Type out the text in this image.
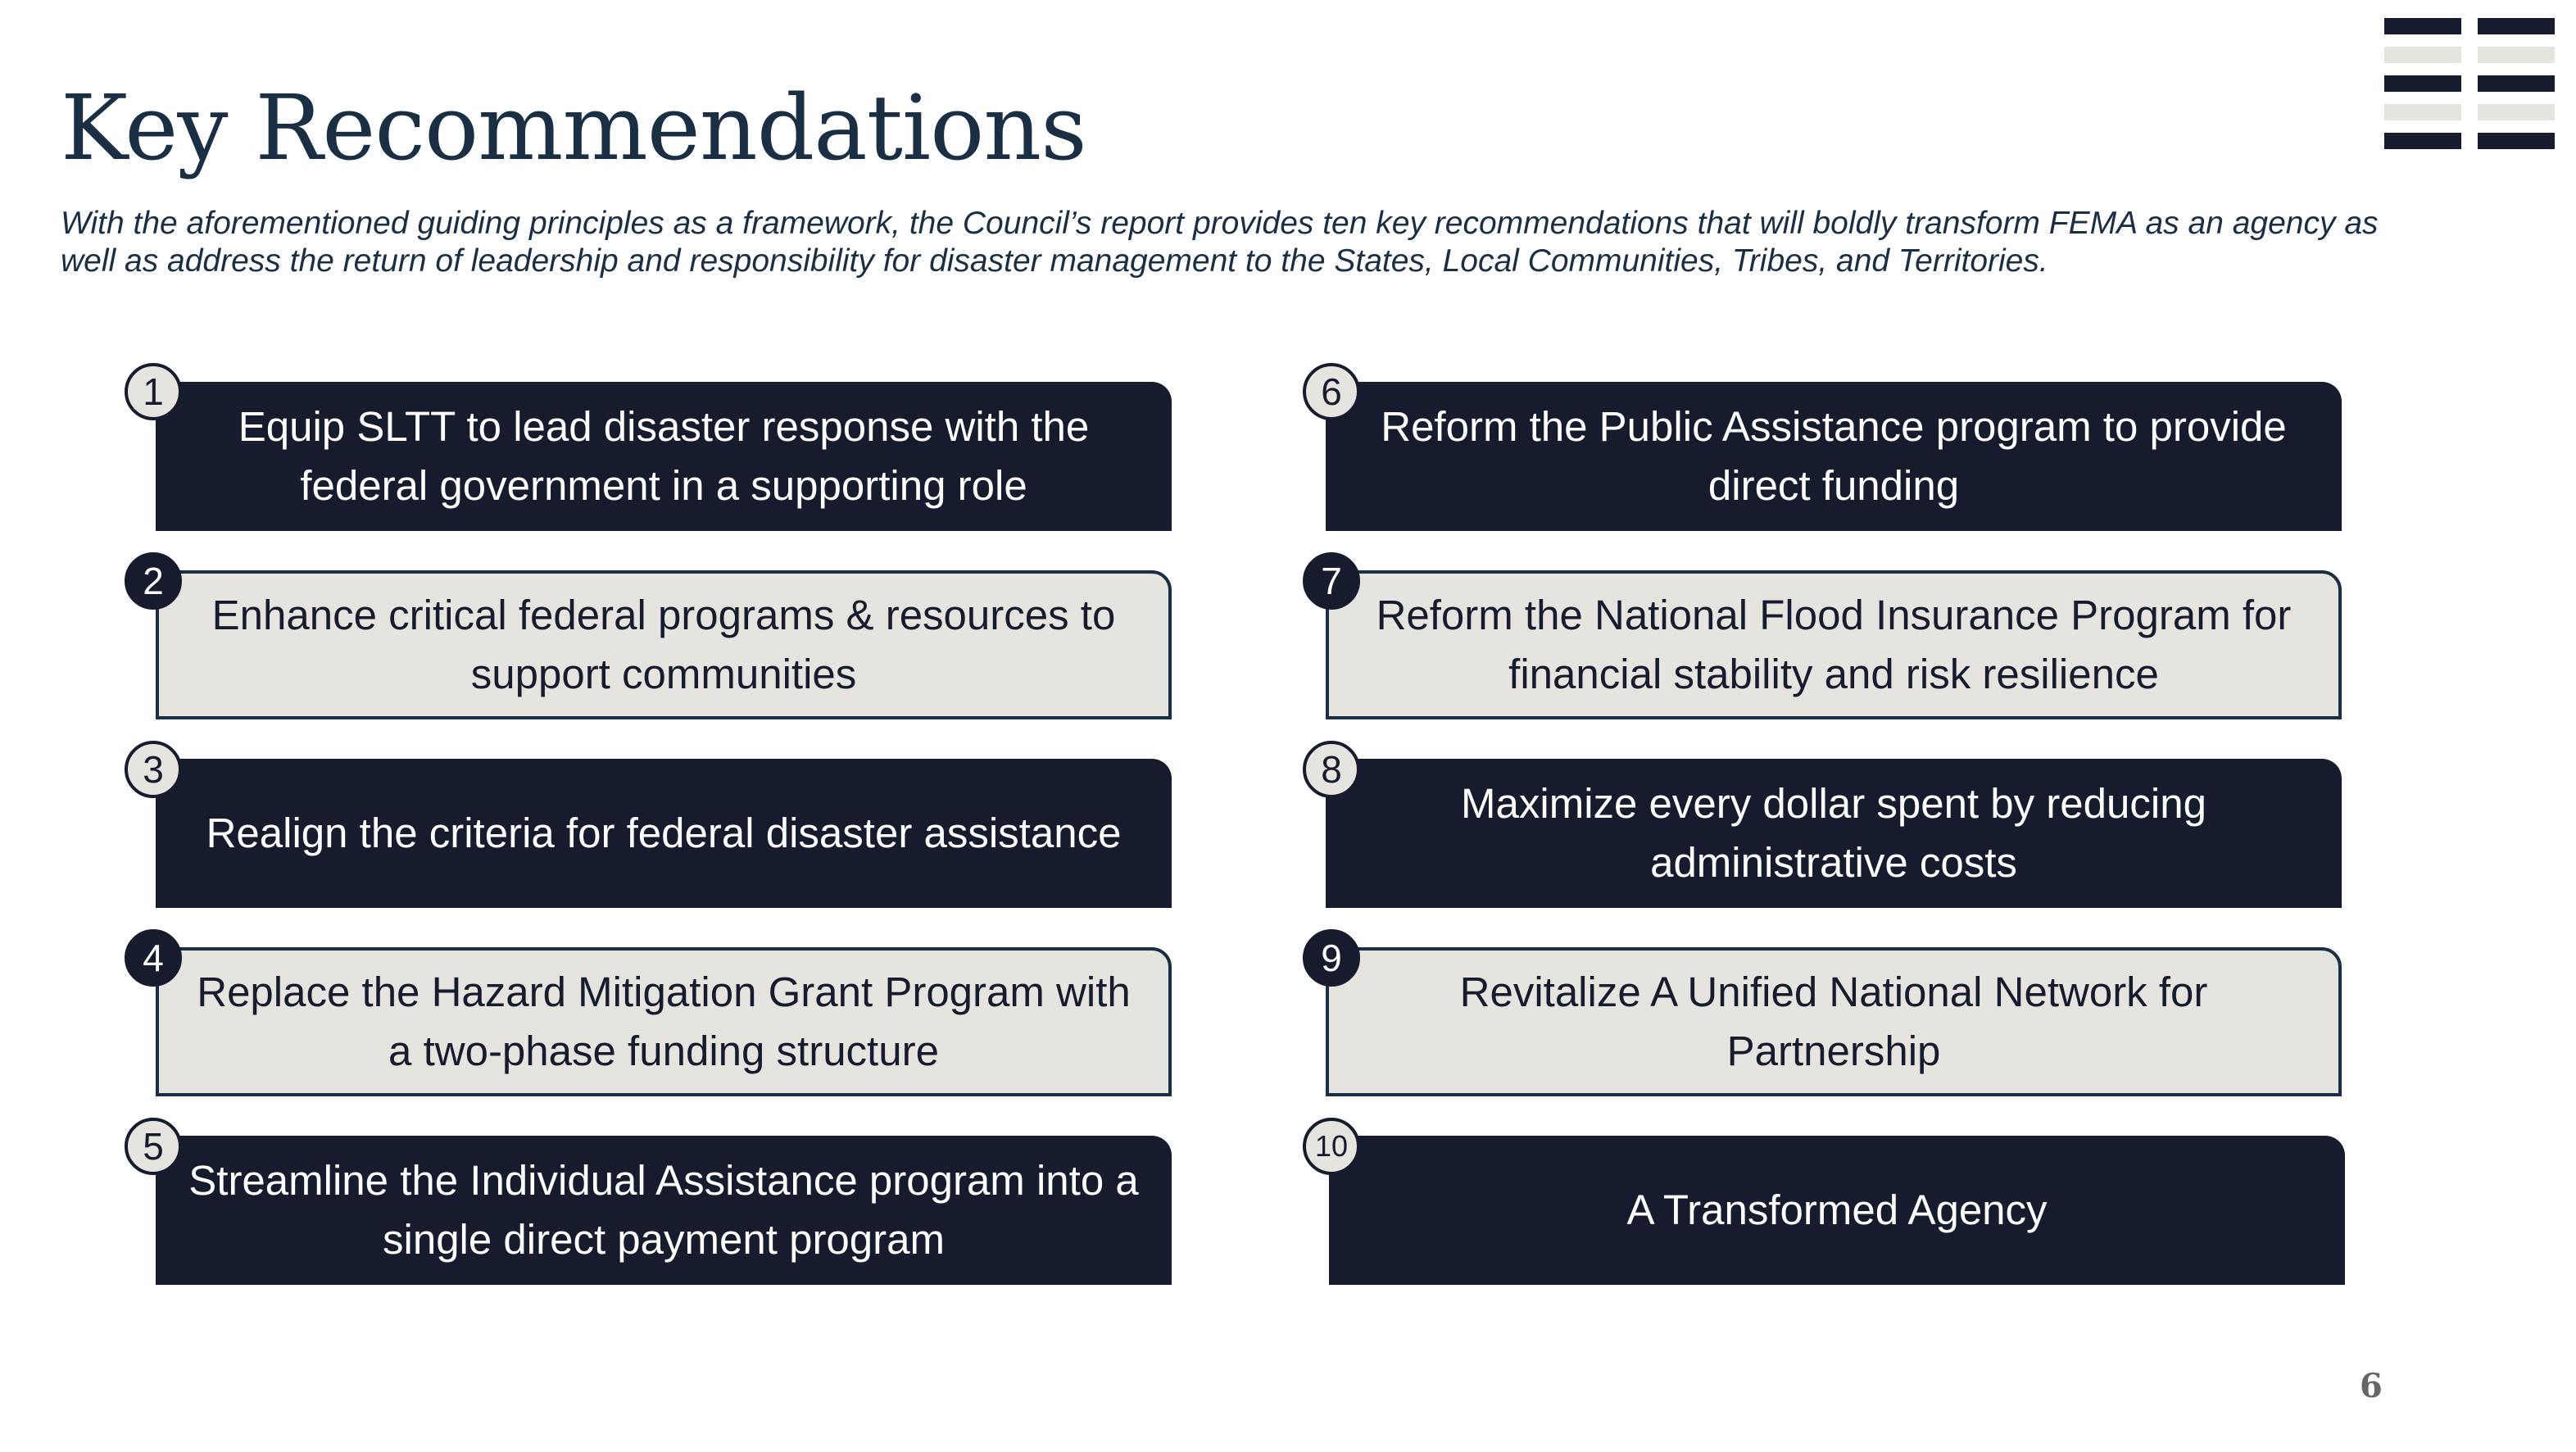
Key Recommendations

With the aforementioned guiding principles as a framework, the Council’s report provides ten key recommendations that will boldly transform FEMA as an agency as well as address the return of leadership and responsibility for disaster management to the States, Local Communities, Tribes, and Territories.

Equip SLTT to lead disaster response with the federal government in a supporting role
1
Enhance critical federal programs & resources to support communities
2
Realign the criteria for federal disaster assistance
3
Replace the Hazard Mitigation Grant Program with a two-phase funding structure
4
Streamline the Individual Assistance program into a single direct payment program
5
Reform the Public Assistance program to provide direct funding
6
Reform the National Flood Insurance Program for financial stability and risk resilience
7
Maximize every dollar spent by reducing administrative costs
8
Revitalize A Unified National Network for Partnership
9
A Transformed Agency
10
6
